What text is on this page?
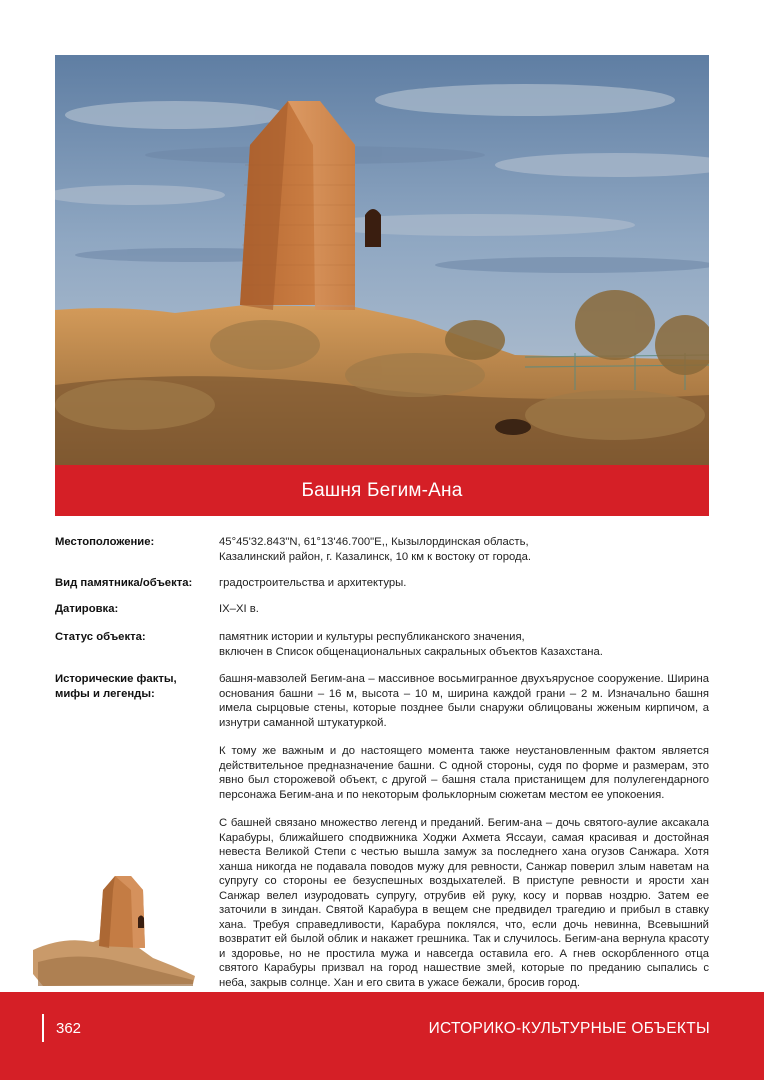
Башня Бегим-Ана
Местоположение:	45°45'32.843"N, 61°13'46.700"E,, Кызылординская область,
Казалинский район, г. Казалинск, 10 км к востоку от города.
Вид памятника/объекта:	градостроительства и архитектуры.
Датировка:	IX–XI в.
Статус объекта:	памятник истории и культуры республиканского значения,
включен в Список общенациональных сакральных объектов Казахстана.
Исторические факты,
мифы и легенды:

башня-мавзолей Бегим-ана – массивное восьмигранное двухъярусное сооружение. Ширина основания башни – 16 м, высота – 10 м, ширина каждой грани – 2 м. Изначально башня имела сырцовые стены, которые позднее были снаружи облицованы жженым кирпичом, а изнутри саманной штукатуркой.

К тому же важным и до настоящего момента также неустановленным фактом является действительное предназначение башни. С одной стороны, судя по форме и размерам, это явно был сторожевой объект, с другой – башня стала пристанищем для полулегендарного персонажа Бегим-ана и по некоторым фольклорным сюжетам местом ее упокоения.

С башней связано множество легенд и преданий. Бегим-ана – дочь святого-аулие аксакала Карабуры, ближайшего сподвижника Ходжи Ахмета Яссауи, самая красивая и достойная невеста Великой Степи с честью вышла замуж за последнего хана огузов Санжара. Хотя ханша никогда не подавала поводов мужу для ревности, Санжар поверил злым наветам на супругу со стороны ее безуспешных воздыхателей. В приступе ревности и ярости хан Санжар велел изуродовать супругу, отрубив ей руку, косу и порвав ноздрю. Затем ее заточили в зиндан. Святой Карабура в вещем сне предвидел трагедию и прибыл в ставку хана. Требуя справедливости, Карабура поклялся, что, если дочь невинна, Всевышний возвратит ей былой облик и накажет грешника. Так и случилось. Бегим-ана вернула красоту и здоровье, но не простила мужа и навсегда оставила его. А гнев оскорбленного отца святого Карабуры призвал на город нашествие змей, которые по преданию сыпались с неба, закрыв солнце. Хан и его свита в ужасе бежали, бросив город.

362	ИСТОРИКО-КУЛЬТУРНЫЕ ОБЪЕКТЫ
